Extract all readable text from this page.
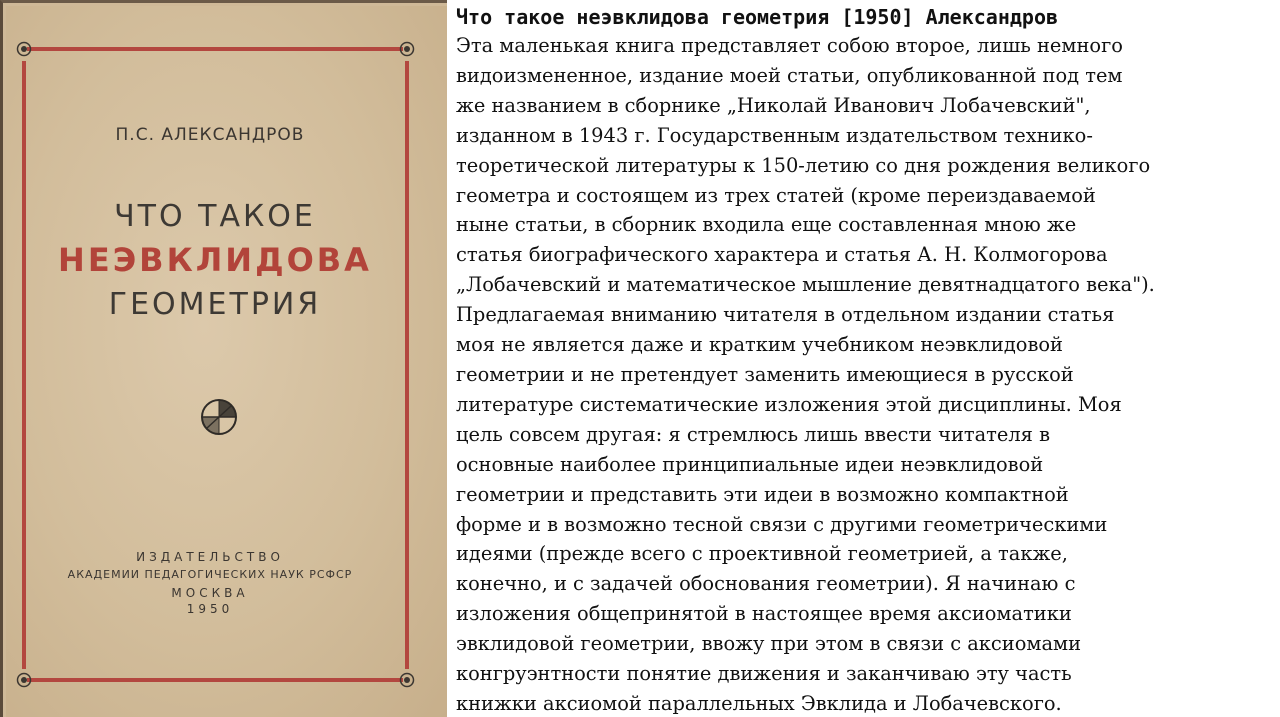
П.С. АЛЕКСАНДРОВ
ЧТО ТАКОЕ
НЕЭВКЛИДОВА
ГЕОМЕТРИЯ
ИЗДАТЕЛЬСТВО
АКАДЕМИИ ПЕДАГОГИЧЕСКИХ НАУК РСФСР
МОСКВА
1950

Что такое неэвклидова геометрия [1950] Александров

Эта маленькая книга представляет собою второе, лишь немного

видоизмененное, издание моей статьи, опубликованной под тем

же названием в сборнике „Николай Иванович Лобачевский",

изданном в 1943 г. Государственным издательством технико-

теоретической литературы к 150-летию со дня рождения великого

геометра и состоящем из трех статей (кроме переиздаваемой

ныне статьи, в сборник входила еще составленная мною же

статья биографического характера и статья А. Н. Колмогорова

„Лобачевский и математическое мышление девятнадцатого века").

Предлагаемая вниманию читателя в отдельном издании статья

моя не является даже и кратким учебником неэвклидовой

геометрии и не претендует заменить имеющиеся в русской

литературе систематические изложения этой дисциплины. Моя

цель совсем другая: я стремлюсь лишь ввести читателя в

основные наиболее принципиальные идеи неэвклидовой

геометрии и представить эти идеи в возможно компактной

форме и в возможно тесной связи с другими геометрическими

идеями (прежде всего с проективной геометрией, а также,

конечно, и с задачей обоснования геометрии). Я начинаю с

изложения общепринятой в настоящее время аксиоматики

эвклидовой геометрии, ввожу при этом в связи с аксиомами

конгруэнтности понятие движения и заканчиваю эту часть

книжки аксиомой параллельных Эвклида и Лобачевского.
